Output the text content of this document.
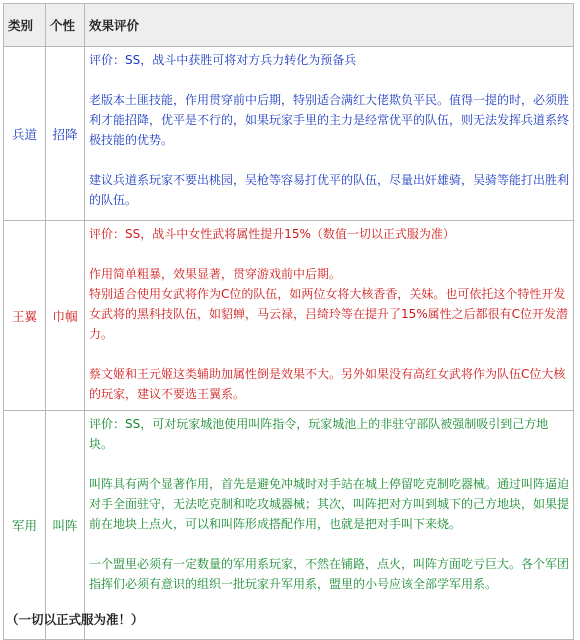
类别	个性	效果评价
兵道	招降	评价：SS，战斗中获胜可将对方兵力转化为预备兵

老版本土匪技能，作用贯穿前中后期，特别适合满红大佬欺负平民。值得一提的时，必须胜利才能招降，优平是不行的，如果玩家手里的主力是经常优平的队伍，则无法发挥兵道系终极技能的优势。

建议兵道系玩家不要出桃园，吴枪等容易打优平的队伍，尽量出奸雄骑，吴骑等能打出胜利的队伍。

王翼	巾帼	评价：SS，战斗中女性武将属性提升15%（数值一切以正式服为准）

作用简单粗暴，效果显著，贯穿游戏前中后期。
特别适合使用女武将作为C位的队伍，如两位女将大核香香，关妹。也可依托这个特性开发女武将的黑科技队伍，如貂蝉，马云禄，吕绮玲等在提升了15%属性之后都很有C位开发潜力。

蔡文姬和王元姬这类辅助加属性倒是效果不大。另外如果没有高红女武将作为队伍C位大核的玩家，建议不要选王翼系。

军用	叫阵	评价：SS，可对玩家城池使用叫阵指令，玩家城池上的非驻守部队被强制吸引到己方地块。

叫阵具有两个显著作用，首先是避免冲城时对手站在城上停留吃克制吃器械。通过叫阵逼迫对手全面驻守，无法吃克制和吃攻城器械；其次，叫阵把对方叫到城下的己方地块，如果提前在地块上点火，可以和叫阵形成搭配作用，也就是把对手叫下来烧。

一个盟里必须有一定数量的军用系玩家，不然在铺路，点火，叫阵方面吃亏巨大。各个军团指挥们必须有意识的组织一批玩家升军用系，盟里的小号应该全部学军用系。

（一切以正式服为准！）
